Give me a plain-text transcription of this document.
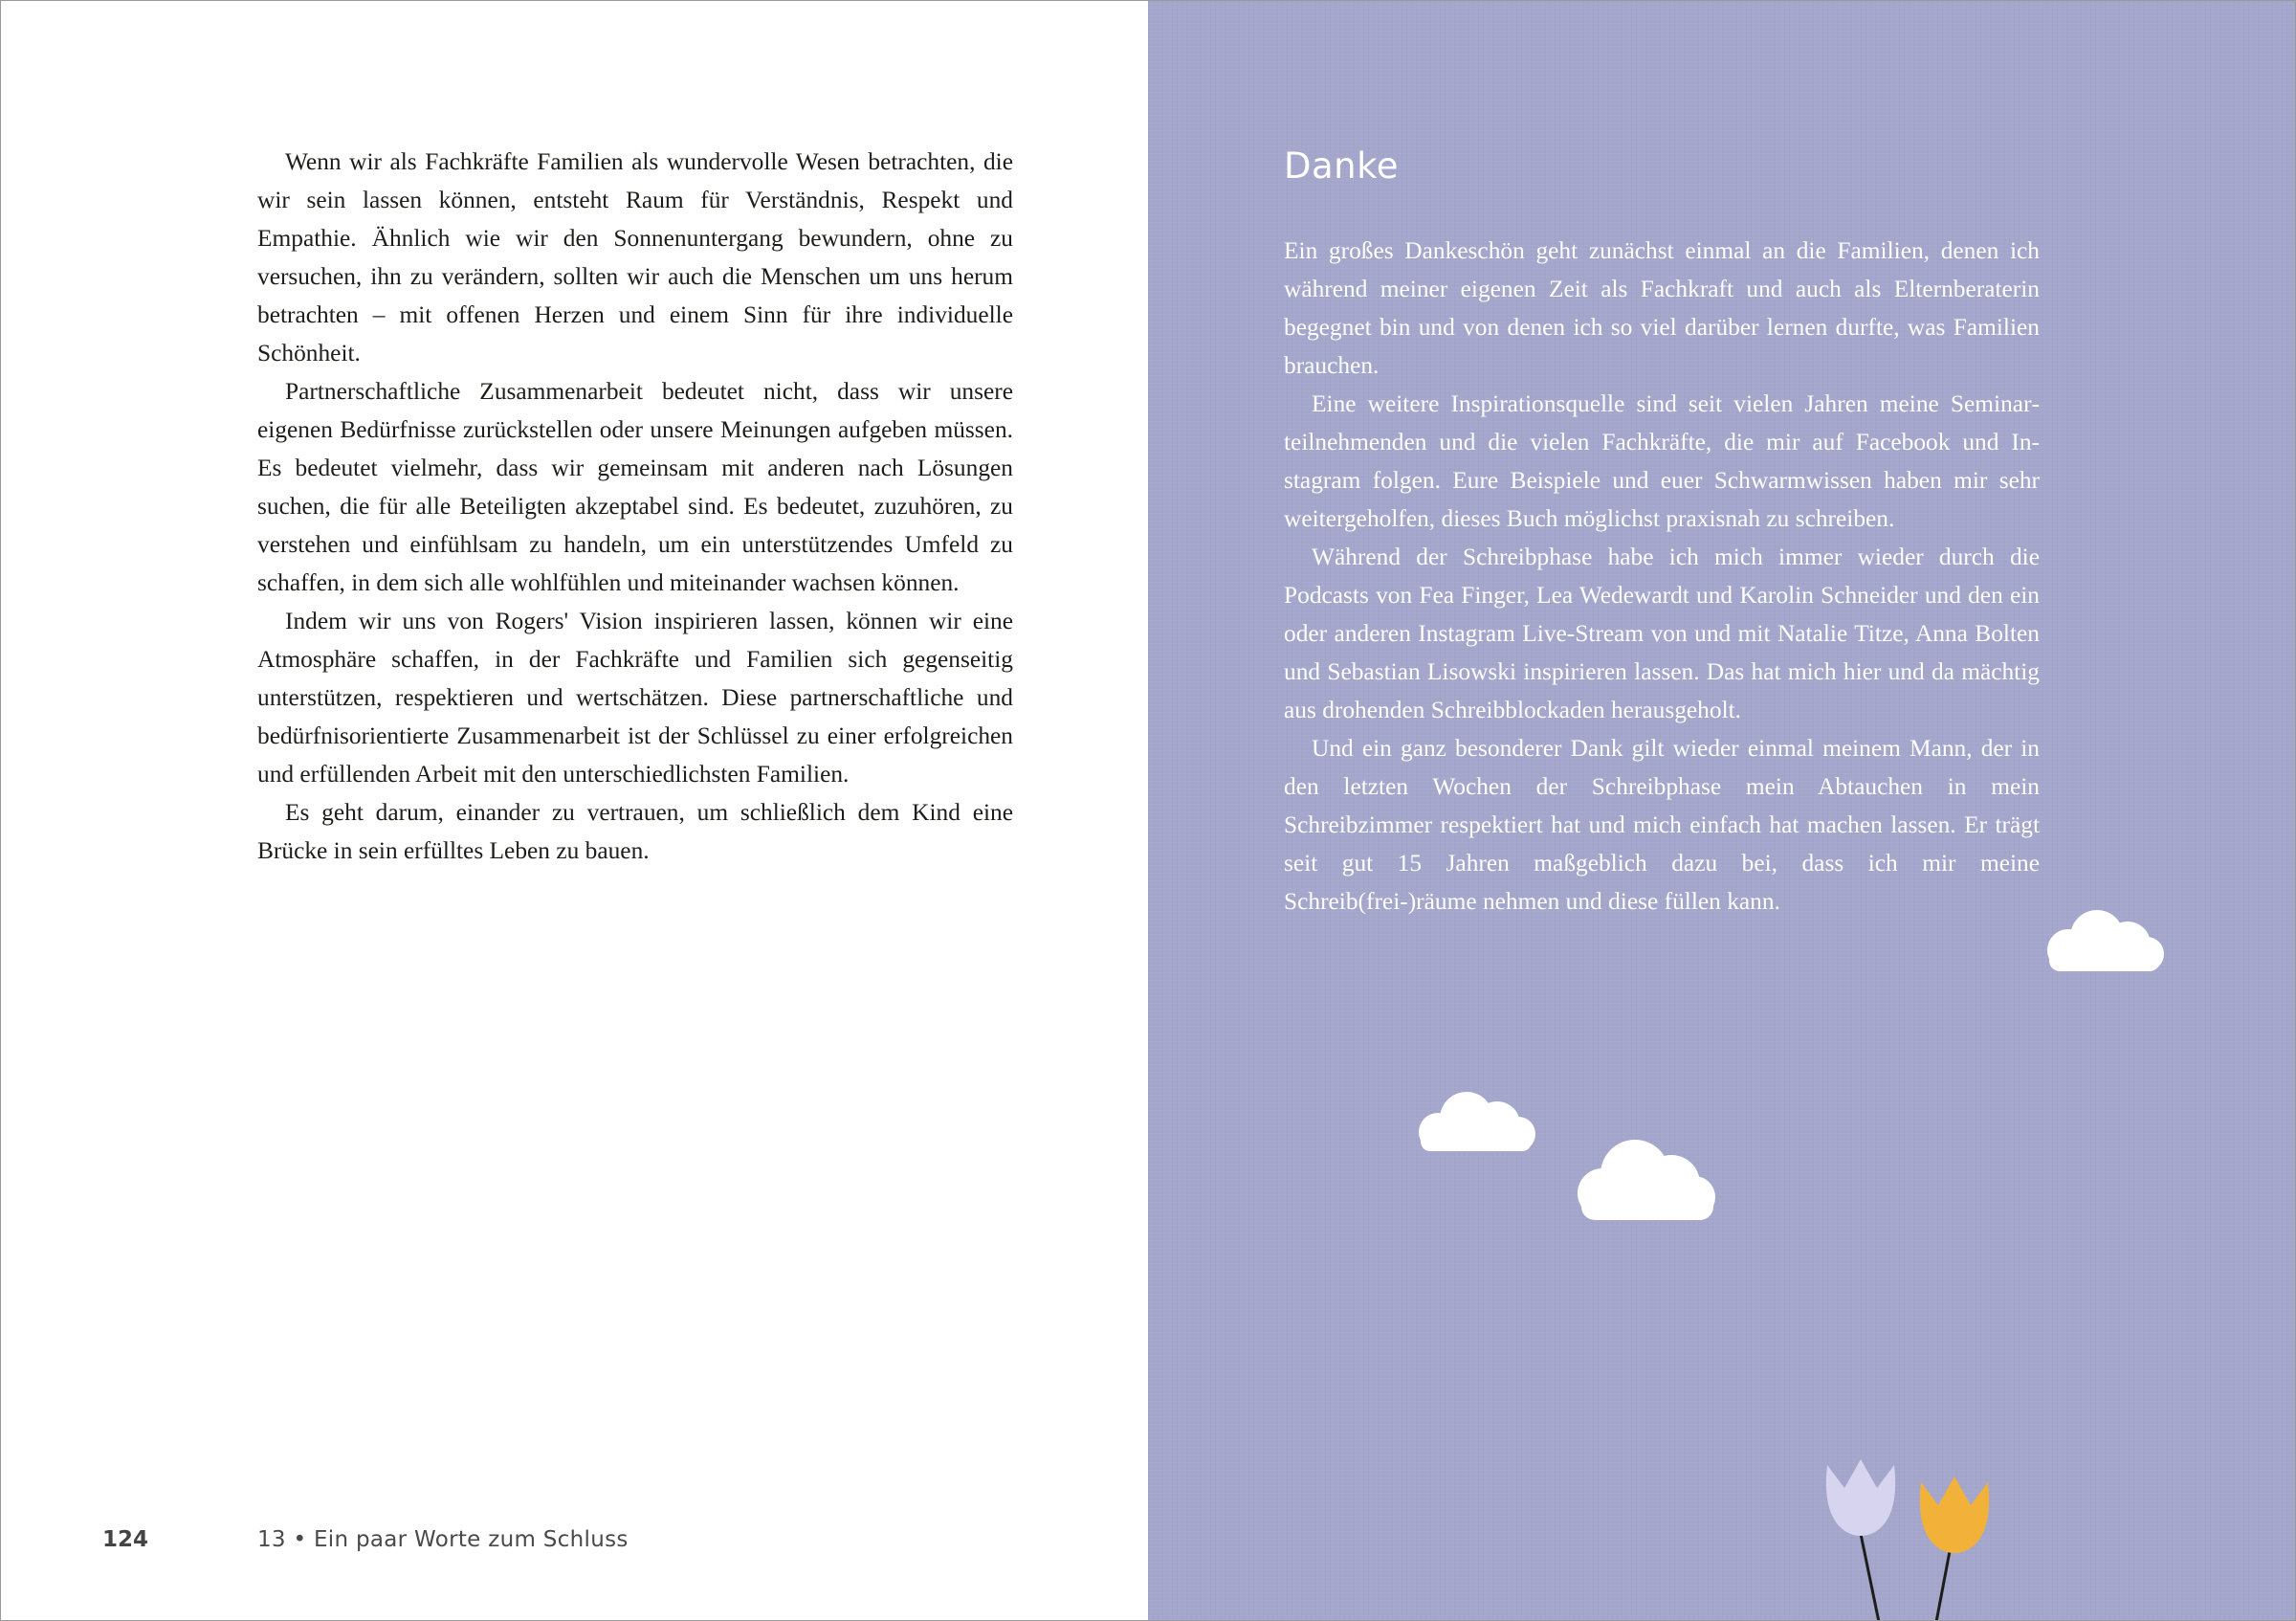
Wenn wir als Fachkräfte Familien als wundervolle Wesen betrachten, die wir sein lassen können, entsteht Raum für Verständnis, Respekt und Empathie. Ähnlich wie wir den Sonnenuntergang bewundern, ohne zu versuchen, ihn zu verändern, sollten wir auch die Menschen um uns herum betrachten – mit offenen Herzen und einem Sinn für ihre individuelle Schönheit.

Partnerschaftliche Zusammenarbeit bedeutet nicht, dass wir unsere eigenen Bedürfnisse zurückstellen oder unsere Meinungen aufgeben müssen. Es bedeutet vielmehr, dass wir gemeinsam mit anderen nach Lösungen suchen, die für alle Beteiligten akzeptabel sind. Es bedeutet, zuzuhören, zu verstehen und einfühlsam zu handeln, um ein unterstützendes Umfeld zu schaffen, in dem sich alle wohlfühlen und miteinander wachsen können.

Indem wir uns von Rogers' Vision inspirieren lassen, können wir eine Atmosphäre schaffen, in der Fachkräfte und Familien sich gegenseitig unterstützen, respektieren und wertschätzen. Diese partnerschaftliche und bedürfnisorientierte Zusammenarbeit ist der Schlüssel zu einer erfolgreichen und erfüllenden Arbeit mit den unterschiedlichsten Familien.

Es geht darum, einander zu vertrauen, um schließlich dem Kind eine Brücke in sein erfülltes Leben zu bauen.

124	13 • Ein paar Worte zum Schluss
Danke

Ein großes Dankeschön geht zunächst einmal an die Familien, denen ich während meiner eigenen Zeit als Fachkraft und auch als Elternberaterin begegnet bin und von denen ich so viel darüber lernen durfte, was Familien brauchen.

Eine weitere Inspirationsquelle sind seit vielen Jahren meine Seminarteilnehmenden und die vielen Fachkräfte, die mir auf Facebook und Instagram folgen. Eure Beispiele und euer Schwarmwissen haben mir sehr weitergeholfen, dieses Buch möglichst praxisnah zu schreiben.

Während der Schreibphase habe ich mich immer wieder durch die Podcasts von Fea Finger, Lea Wedewardt und Karolin Schneider und den ein oder anderen Instagram Live-Stream von und mit Natalie Titze, Anna Bolten und Sebastian Lisowski inspirieren lassen. Das hat mich hier und da mächtig aus drohenden Schreibblockaden herausgeholt.

Und ein ganz besonderer Dank gilt wieder einmal meinem Mann, der in den letzten Wochen der Schreibphase mein Abtauchen in mein Schreibzimmer respektiert hat und mich einfach hat machen lassen. Er trägt seit gut 15 Jahren maßgeblich dazu bei, dass ich mir meine Schreib(frei-)räume nehmen und diese füllen kann.
